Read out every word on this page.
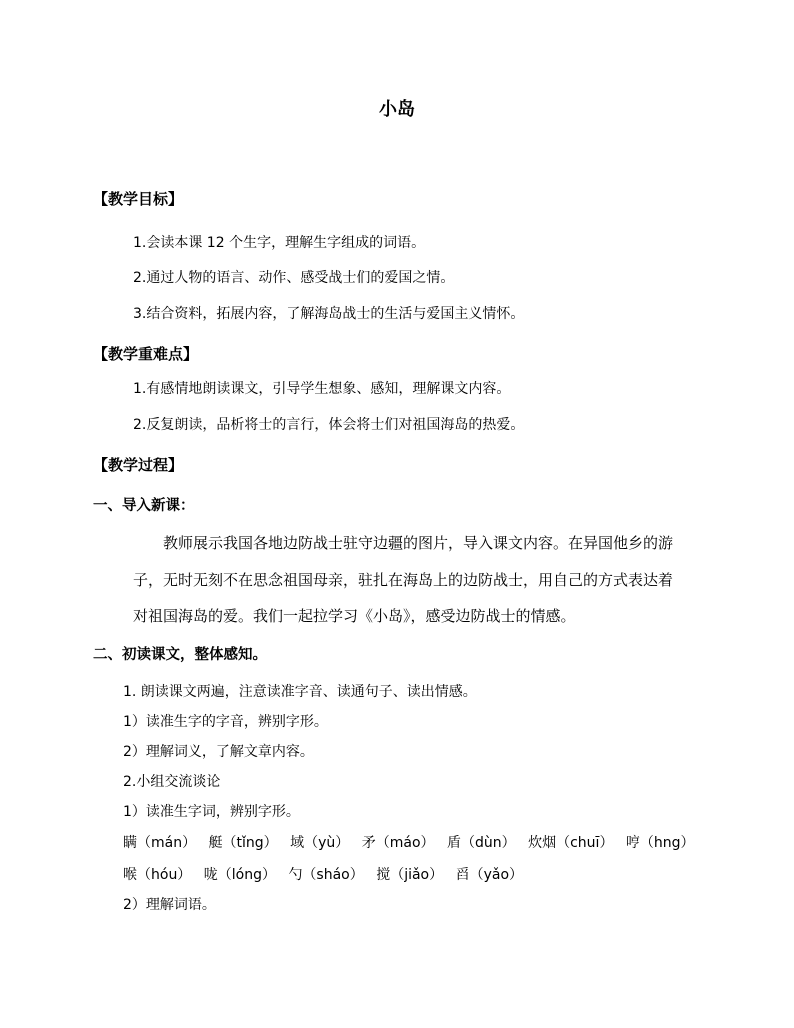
小岛
【教学目标】
1.会读本课 12 个生字，理解生字组成的词语。
2.通过人物的语言、动作、感受战士们的爱国之情。
3.结合资料，拓展内容，了解海岛战士的生活与爱国主义情怀。
【教学重难点】
1.有感情地朗读课文，引导学生想象、感知，理解课文内容。
2.反复朗读，品析将士的言行，体会将士们对祖国海岛的热爱。
【教学过程】
一、导入新课：
教师展示我国各地边防战士驻守边疆的图片，导入课文内容。在异国他乡的游
子，无时无刻不在思念祖国母亲，驻扎在海岛上的边防战士，用自己的方式表达着
对祖国海岛的爱。我们一起拉学习《小岛》，感受边防战士的情感。
二、初读课文，整体感知。
1. 朗读课文两遍，注意读准字音、读通句子、读出情感。
1）读准生字的字音，辨别字形。
2）理解词义，了解文章内容。
2.小组交流谈论
1）读准生字词，辨别字形。
瞒（mán） 艇（tǐng） 域（yù） 矛（máo） 盾（dùn） 炊烟（chuī） 哼（hng）
喉（hóu） 咙（lóng） 勺（sháo） 搅（jiǎo） 舀（yǎo）
2）理解词语。
